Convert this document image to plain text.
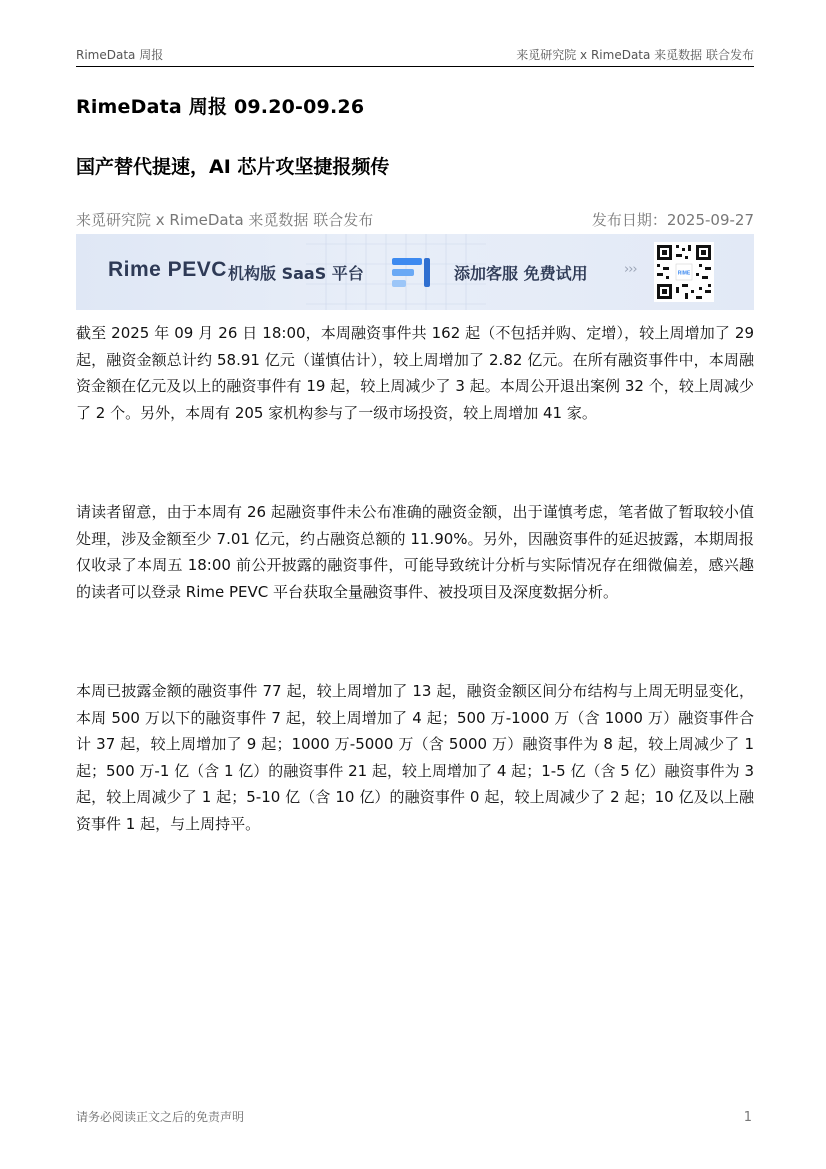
RimeData 周报	来觅研究院 x RimeData 来觅数据 联合发布
RimeData 周报 09.20-09.26
国产替代提速，AI 芯片攻坚捷报频传
来觅研究院 x RimeData 来觅数据 联合发布	发布日期：2025-09-27
Rime PEVC 机构版 SaaS 平台	添加客服 免费试用	›››	RIME
截至 2025 年 09 月 26 日 18:00，本周融资事件共 162 起（不包括并购、定增），较上周增加了 29 起，融资金额总计约 58.91 亿元（谨慎估计），较上周增加了 2.82 亿元。在所有融资事件中，本周融资金额在亿元及以上的融资事件有 19 起，较上周减少了 3 起。本周公开退出案例 32 个，较上周减少了 2 个。另外，本周有 205 家机构参与了一级市场投资，较上周增加 41 家。
请读者留意，由于本周有 26 起融资事件未公布准确的融资金额，出于谨慎考虑，笔者做了暂取较小值处理，涉及金额至少 7.01 亿元，约占融资总额的 11.90%。另外，因融资事件的延迟披露，本期周报仅收录了本周五 18:00 前公开披露的融资事件，可能导致统计分析与实际情况存在细微偏差，感兴趣的读者可以登录 Rime PEVC 平台获取全量融资事件、被投项目及深度数据分析。
本周已披露金额的融资事件 77 起，较上周增加了 13 起，融资金额区间分布结构与上周无明显变化，本周 500 万以下的融资事件 7 起，较上周增加了 4 起；500 万-1000 万（含 1000 万）融资事件合计 37 起，较上周增加了 9 起；1000 万-5000 万（含 5000 万）融资事件为 8 起，较上周减少了 1 起；500 万-1 亿（含 1 亿）的融资事件 21 起，较上周增加了 4 起；1-5 亿（含 5 亿）融资事件为 3 起，较上周减少了 1 起；5-10 亿（含 10 亿）的融资事件 0 起，较上周减少了 2 起；10 亿及以上融资事件 1 起，与上周持平。
请务必阅读正文之后的免责声明	1
